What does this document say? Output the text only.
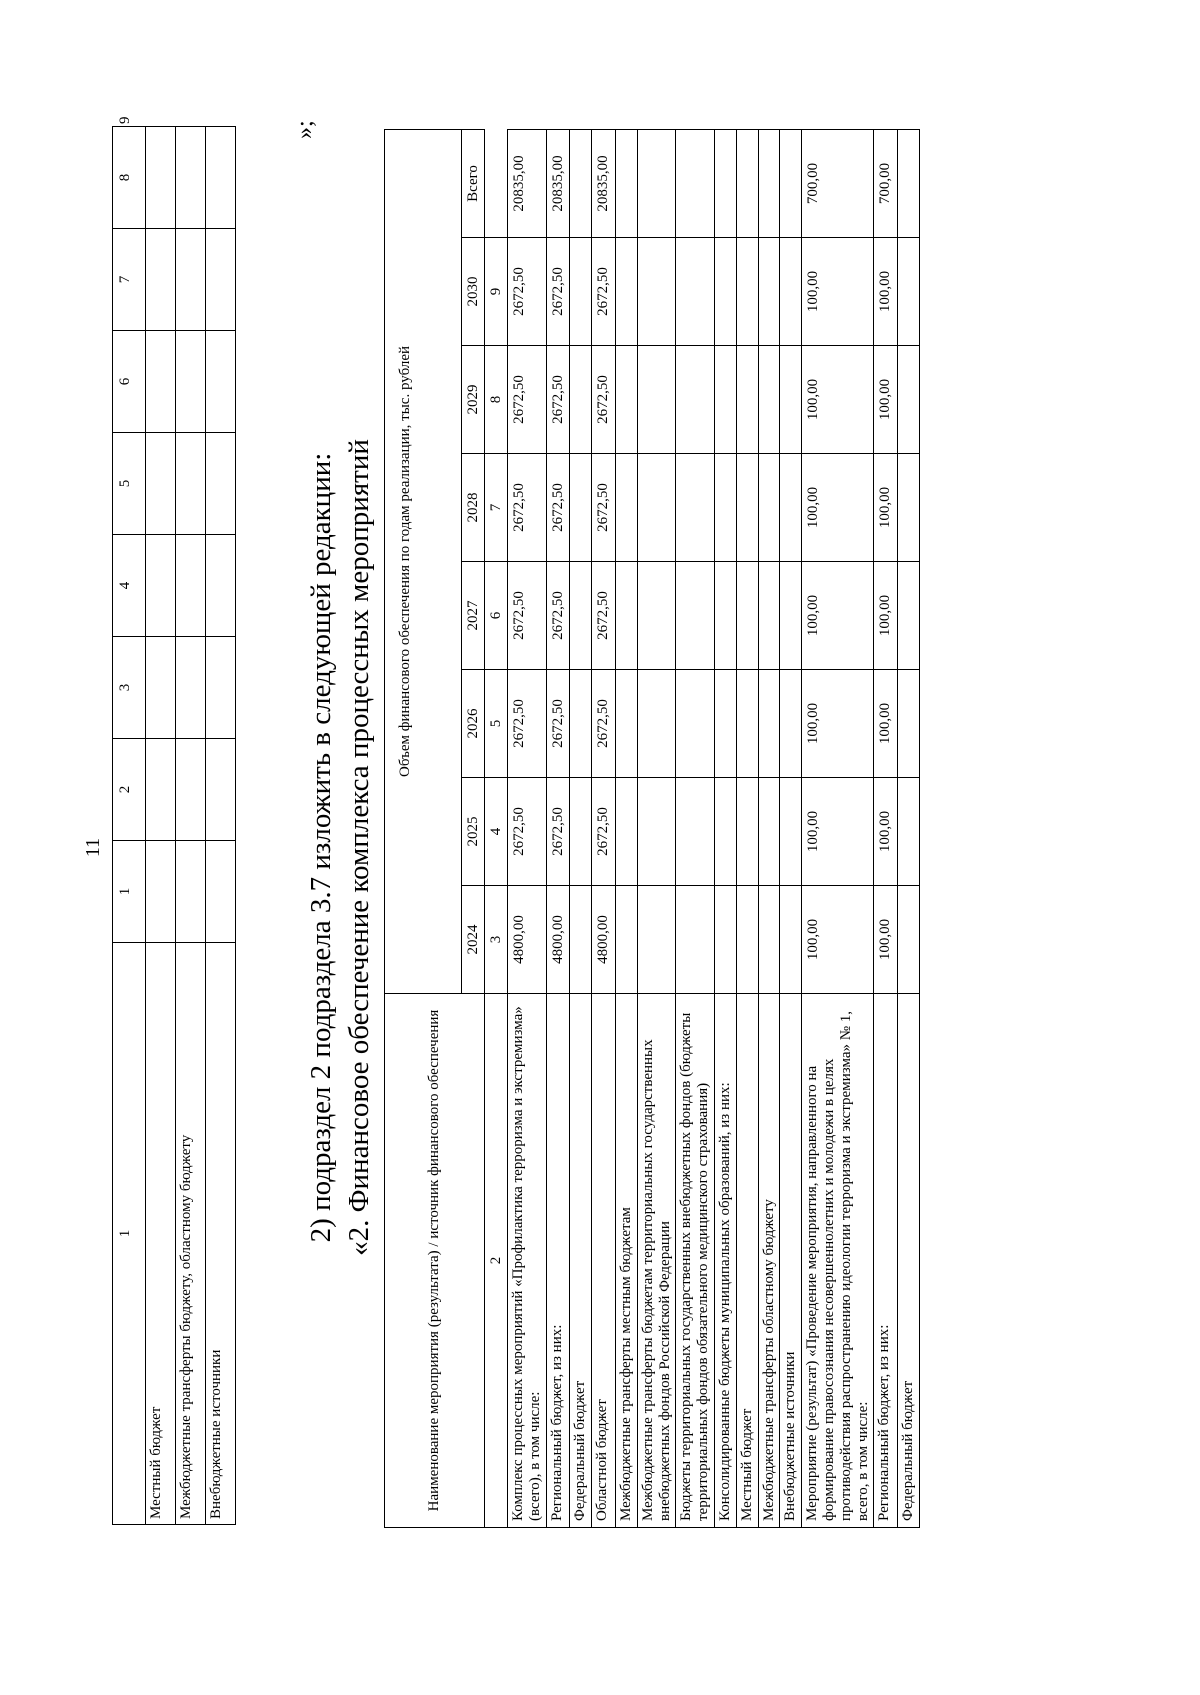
11
1	1	2	3	4	5	6	7	8	9
Местный бюджет									
Межбюджетные трансферты бюджету, областному бюджету									
Внебюджетные источники									
»;
2) подраздел 2 подраздела 3.7 изложить в следующей редакции: «2. Финансовое обеспечение комплекса процессных мероприятий
Наименование мероприятия (результата) / источник финансового обеспечения	Объем финансового обеспечения по годам реализации, тыс. рублей							
	2024	2025	2026	2027	2028	2029	2030	Всего
2	3	4	5	6	7	8	9	
Комплекс процессных мероприятий «Профилактика терроризма и экстремизма» (всего), в том числе:	4800,00	2672,50	2672,50	2672,50	2672,50	2672,50	2672,50	20835,00
Региональный бюджет, из них:	4800,00	2672,50	2672,50	2672,50	2672,50	2672,50	2672,50	20835,00
Федеральный бюджет								
Областной бюджет	4800,00	2672,50	2672,50	2672,50	2672,50	2672,50	2672,50	20835,00
Межбюджетные трансферты местным бюджетам								
Межбюджетные трансферты бюджетам территориальных государственных внебюджетных фондов Российской Федерации								
Бюджеты территориальных государственных внебюджетных фондов (бюджеты территориальных фондов обязательного медицинского страхования)								
Консолидированные бюджеты муниципальных образований, из них:								
Местный бюджет								
Межбюджетные трансферты областному бюджету								
Внебюджетные источники								
Мероприятие (результат) «Проведение мероприятия, направленного на формирование правосознания несовершеннолетних и молодежи в целях противодействия распространению идеологии терроризма и экстремизма» № 1, всего, в том числе:	100,00	100,00	100,00	100,00	100,00	100,00	100,00	700,00
Региональный бюджет, из них:	100,00	100,00	100,00	100,00	100,00	100,00	100,00	700,00
Федеральный бюджет								
